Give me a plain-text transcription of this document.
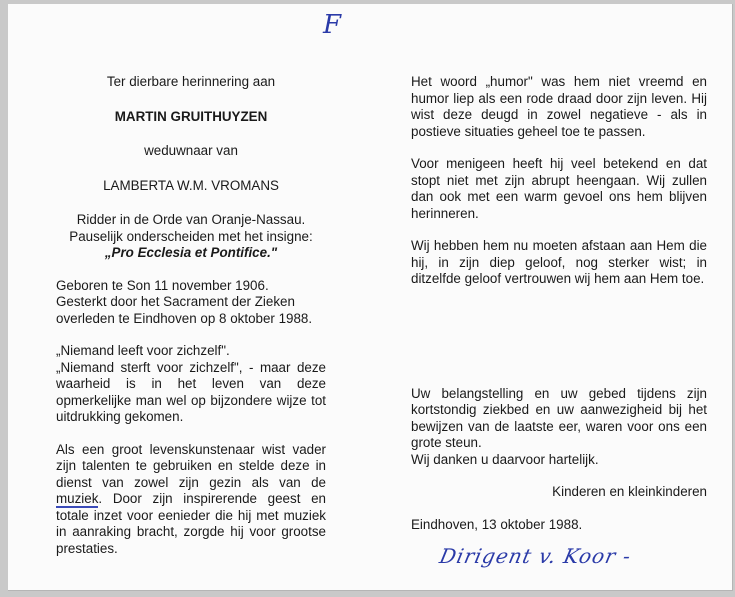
F

Ter dierbare herinnering aan

MARTIN GRUITHUYZEN

weduwnaar van

LAMBERTA W.M. VROMANS

Ridder in de Orde van Oranje-Nassau.

Pauselijk onderscheiden met het insigne:

„Pro Ecclesia et Pontifice."

Geboren te Son 11 november 1906.

Gesterkt door het Sacrament der Zieken

overleden te Eindhoven op 8 oktober 1988.

„Niemand leeft voor zichzelf".

„Niemand sterft voor zichzelf", - maar deze waarheid is in het leven van deze opmerkelijke man wel op bijzondere wijze tot uitdrukking gekomen.

Als een groot levenskunstenaar wist vader zijn talenten te gebruiken en stelde deze in dienst van zowel zijn gezin als van de muziek. Door zijn inspirerende geest en totale inzet voor eenieder die hij met muziek in aanraking bracht, zorgde hij voor grootse prestaties.

Het woord „humor" was hem niet vreemd en humor liep als een rode draad door zijn leven. Hij wist deze deugd in zowel negatieve - als in postieve situaties geheel toe te passen.

Voor menigeen heeft hij veel betekend en dat stopt niet met zijn abrupt heengaan. Wij zullen dan ook met een warm gevoel ons hem blijven herinneren.

Wij hebben hem nu moeten afstaan aan Hem die hij, in zijn diep geloof, nog sterker wist; in ditzelfde geloof vertrouwen wij hem aan Hem toe.

Uw belangstelling en uw gebed tijdens zijn kortstondig ziekbed en uw aanwezigheid bij het bewijzen van de laatste eer, waren voor ons een grote steun.

Wij danken u daarvoor hartelijk.

Kinderen en kleinkinderen

Eindhoven, 13 oktober 1988.

Dirigent v. Koor -
